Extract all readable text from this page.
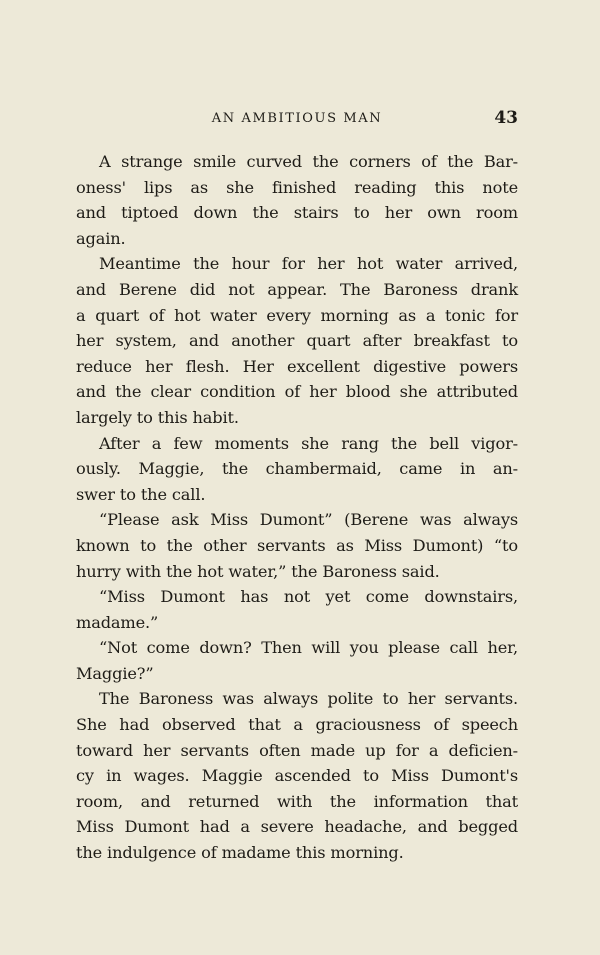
AN AMBITIOUS MAN	43
A strange smile curved the corners of the Bar-
oness' lips as she finished reading this note
and tiptoed down the stairs to her own room
again.
Meantime the hour for her hot water arrived,
and Berene did not appear. The Baroness drank
a quart of hot water every morning as a tonic for
her system, and another quart after breakfast to
reduce her flesh. Her excellent digestive powers
and the clear condition of her blood she attributed
largely to this habit.
After a few moments she rang the bell vigor-
ously. Maggie, the chambermaid, came in an-
swer to the call.
“Please ask Miss Dumont” (Berene was always
known to the other servants as Miss Dumont) “to
hurry with the hot water,” the Baroness said.
“Miss Dumont has not yet come downstairs,
madame.”
“Not come down? Then will you please call her,
Maggie?”
The Baroness was always polite to her servants.
She had observed that a graciousness of speech
toward her servants often made up for a deficien-
cy in wages. Maggie ascended to Miss Dumont's
room, and returned with the information that
Miss Dumont had a severe headache, and begged
the indulgence of madame this morning.
